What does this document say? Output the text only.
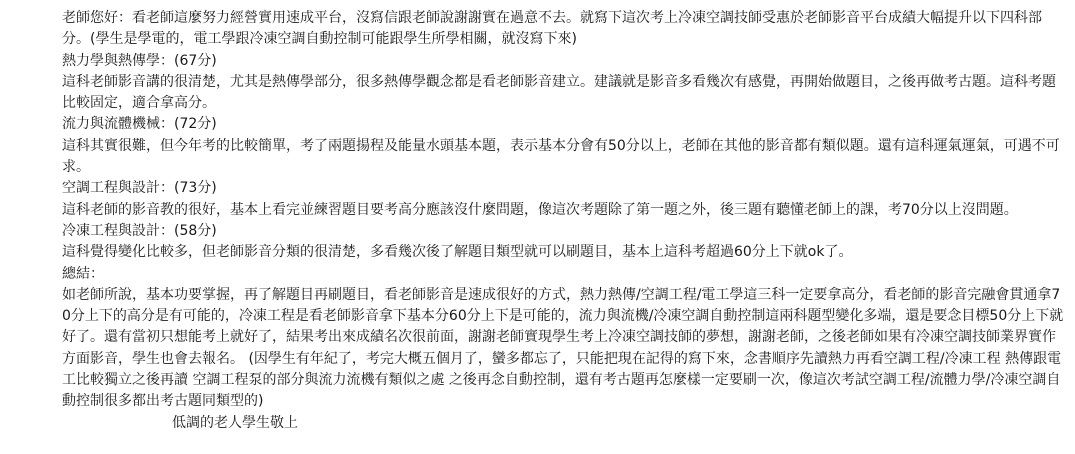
老師您好：看老師這麼努力經營實用速成平台，沒寫信跟老師說謝謝實在過意不去。就寫下這次考上冷凍空調技師受惠於老師影音平台成績大幅提升以下四科部分。(學生是學電的，電工學跟冷凍空調自動控制可能跟學生所學相關，就沒寫下來)

熱力學與熱傳學：(67分)

這科老師影音講的很清楚，尤其是熱傳學部分，很多熱傳學觀念都是看老師影音建立。建議就是影音多看幾次有感覺，再開始做題目，之後再做考古題。這科考題比較固定，適合拿高分。

流力與流體機械：(72分)

這科其實很難，但今年考的比較簡單，考了兩題揚程及能量水頭基本題，表示基本分會有50分以上，老師在其他的影音都有類似題。還有這科運氣運氣，可遇不可求。

空調工程與設計：(73分)

這科老師的影音教的很好，基本上看完並練習題目要考高分應該沒什麼問題，像這次考題除了第一題之外，後三題有聽懂老師上的課，考70分以上沒問題。

冷凍工程與設計：(58分)

這科覺得變化比較多，但老師影音分類的很清楚，多看幾次後了解題目類型就可以刷題目，基本上這科考超過60分上下就ok了。

總結：

如老師所說，基本功要掌握，再了解題目再刷題目，看老師影音是速成很好的方式，熱力熱傳/空調工程/電工學這三科一定要拿高分，看老師的影音完融會貫通拿70分上下的高分是有可能的，冷凍工程是看老師影音拿下基本分60分上下是可能的，流力與流機/冷凍空調自動控制這兩科題型變化多端，還是要念目標50分上下就好了。還有當初只想能考上就好了，結果考出來成績名次很前面，謝謝老師實現學生考上冷凍空調技師的夢想，謝謝老師，之後老師如果有冷凍空調技師業界實作方面影音，學生也會去報名。 (因學生有年紀了，考完大概五個月了，蠻多都忘了，只能把現在記得的寫下來，念書順序先讀熱力再看空調工程/冷凍工程 熱傳跟電工比較獨立之後再讀 空調工程泵的部分與流力流機有類似之處 之後再念自動控制，還有考古題再怎麼樣一定要刷一次，像這次考試空調工程/流體力學/冷凍空調自動控制很多都出考古題同類型的)

低調的老人學生敬上
